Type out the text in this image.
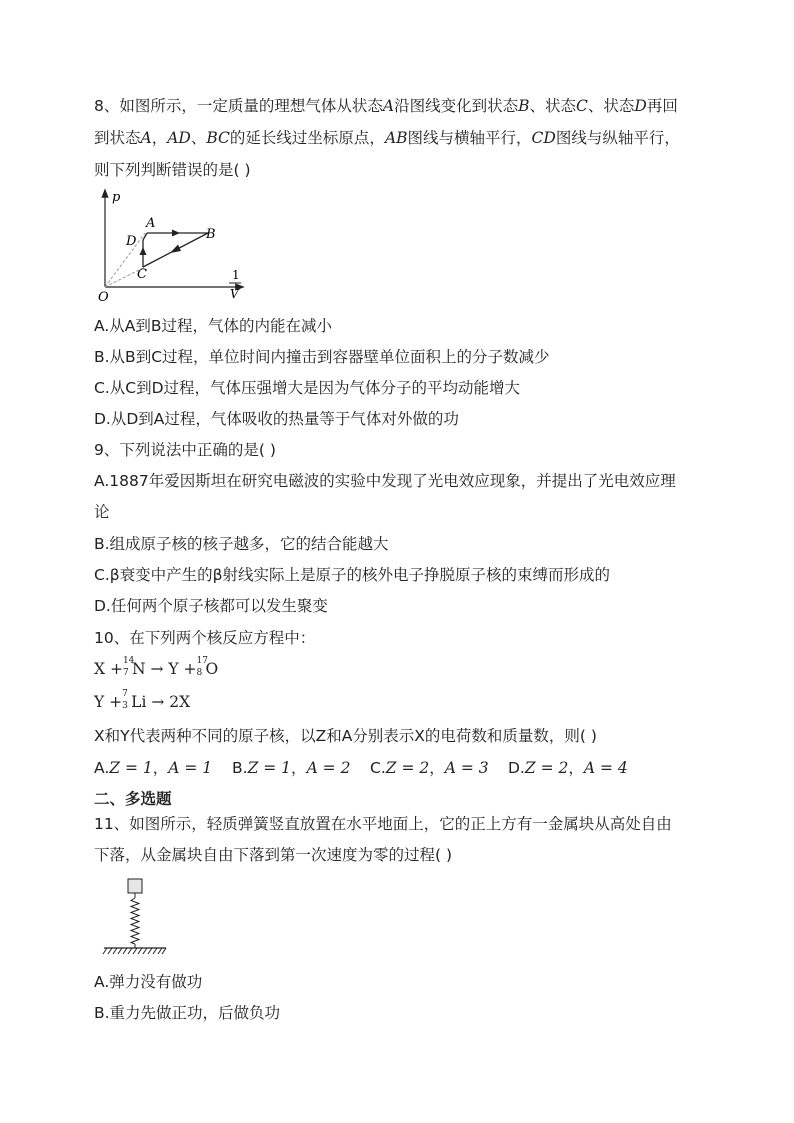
8、如图所示，一定质量的理想气体从状态A沿图线变化到状态B、状态C、状态D再回
到状态A，AD、BC的延长线过坐标原点，AB图线与横轴平行，CD图线与纵轴平行，
则下列判断错误的是( )
p
A
B
C
D
O
1
V
A.从A到B过程，气体的内能在减小
B.从B到C过程，单位时间内撞击到容器壁单位面积上的分子数减少
C.从C到D过程，气体压强增大是因为气体分子的平均动能增大
D.从D到A过程，气体吸收的热量等于气体对外做的功
9、下列说法中正确的是( )
A.1887年爱因斯坦在研究电磁波的实验中发现了光电效应现象，并提出了光电效应理
论
B.组成原子核的核子越多，它的结合能越大
C.β衰变中产生的β射线实际上是原子的核外电子挣脱原子核的束缚而形成的
D.任何两个原子核都可以发生聚变
10、在下列两个核反应方程中：
X + 14
7 N → Y + 17
8 O
Y + 7
3 Li → 2X
X和Y代表两种不同的原子核，以Z和A分别表示X的电荷数和质量数，则( )
A.Z = 1，A = 1 B.Z = 1，A = 2 C.Z = 2，A = 3 D.Z = 2，A = 4
二、多选题
11、如图所示，轻质弹簧竖直放置在水平地面上，它的正上方有一金属块从高处自由
下落，从金属块自由下落到第一次速度为零的过程( )
A.弹力没有做功
B.重力先做正功，后做负功
